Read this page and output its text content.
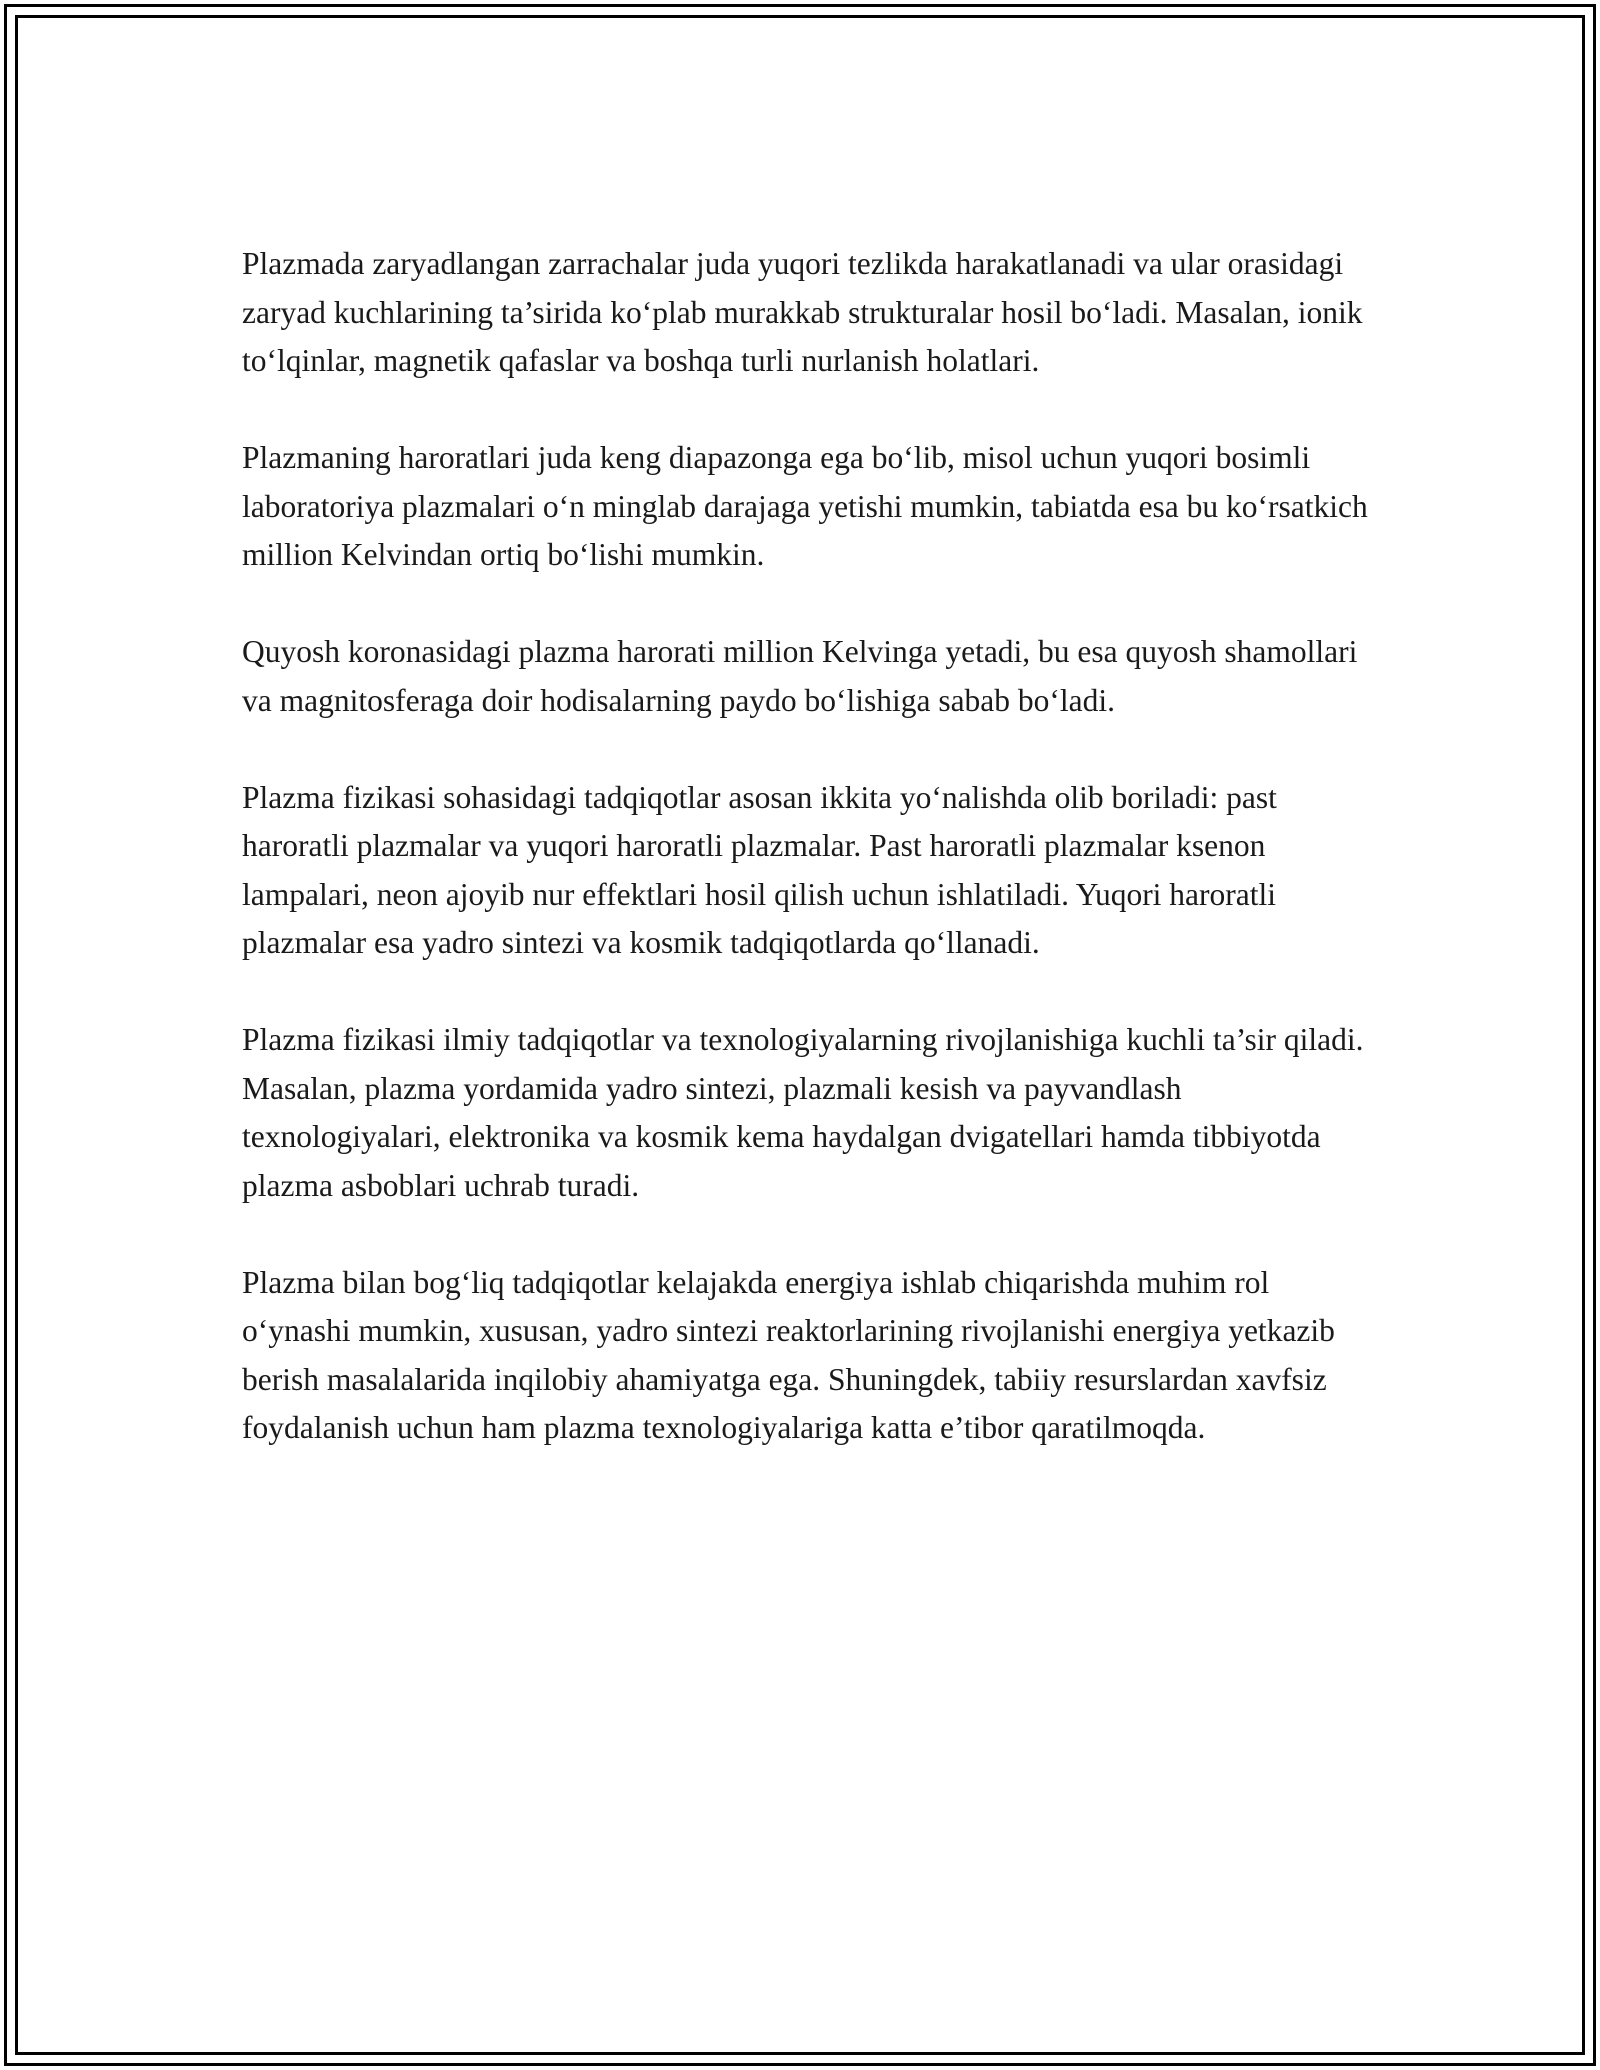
Plazmada zaryadlangan zarrachalar juda yuqori tezlikda harakatlanadi va ular orasidagi zaryad kuchlarining ta’sirida ko‘plab murakkab strukturalar hosil bo‘ladi. Masalan, ionik to‘lqinlar, magnetik qafaslar va boshqa turli nurlanish holatlari.

Plazmaning haroratlari juda keng diapazonga ega bo‘lib, misol uchun yuqori bosimli laboratoriya plazmalari o‘n minglab darajaga yetishi mumkin, tabiatda esa bu ko‘rsatkich million Kelvindan ortiq bo‘lishi mumkin.

Quyosh koronasidagi plazma harorati million Kelvinga yetadi, bu esa quyosh shamollari va magnitosferaga doir hodisalarning paydo bo‘lishiga sabab bo‘ladi.

Plazma fizikasi sohasidagi tadqiqotlar asosan ikkita yo‘nalishda olib boriladi: past haroratli plazmalar va yuqori haroratli plazmalar. Past haroratli plazmalar ksenon lampalari, neon ajoyib nur effektlari hosil qilish uchun ishlatiladi. Yuqori haroratli plazmalar esa yadro sintezi va kosmik tadqiqotlarda qo‘llanadi.

Plazma fizikasi ilmiy tadqiqotlar va texnologiyalarning rivojlanishiga kuchli ta’sir qiladi. Masalan, plazma yordamida yadro sintezi, plazmali kesish va payvandlash texnologiyalari, elektronika va kosmik kema haydalgan dvigatellari hamda tibbiyotda plazma asboblari uchrab turadi.

Plazma bilan bog‘liq tadqiqotlar kelajakda energiya ishlab chiqarishda muhim rol o‘ynashi mumkin, xususan, yadro sintezi reaktorlarining rivojlanishi energiya yetkazib berish masalalarida inqilobiy ahamiyatga ega. Shuningdek, tabiiy resurslardan xavfsiz foydalanish uchun ham plazma texnologiyalariga katta e’tibor qaratilmoqda.
